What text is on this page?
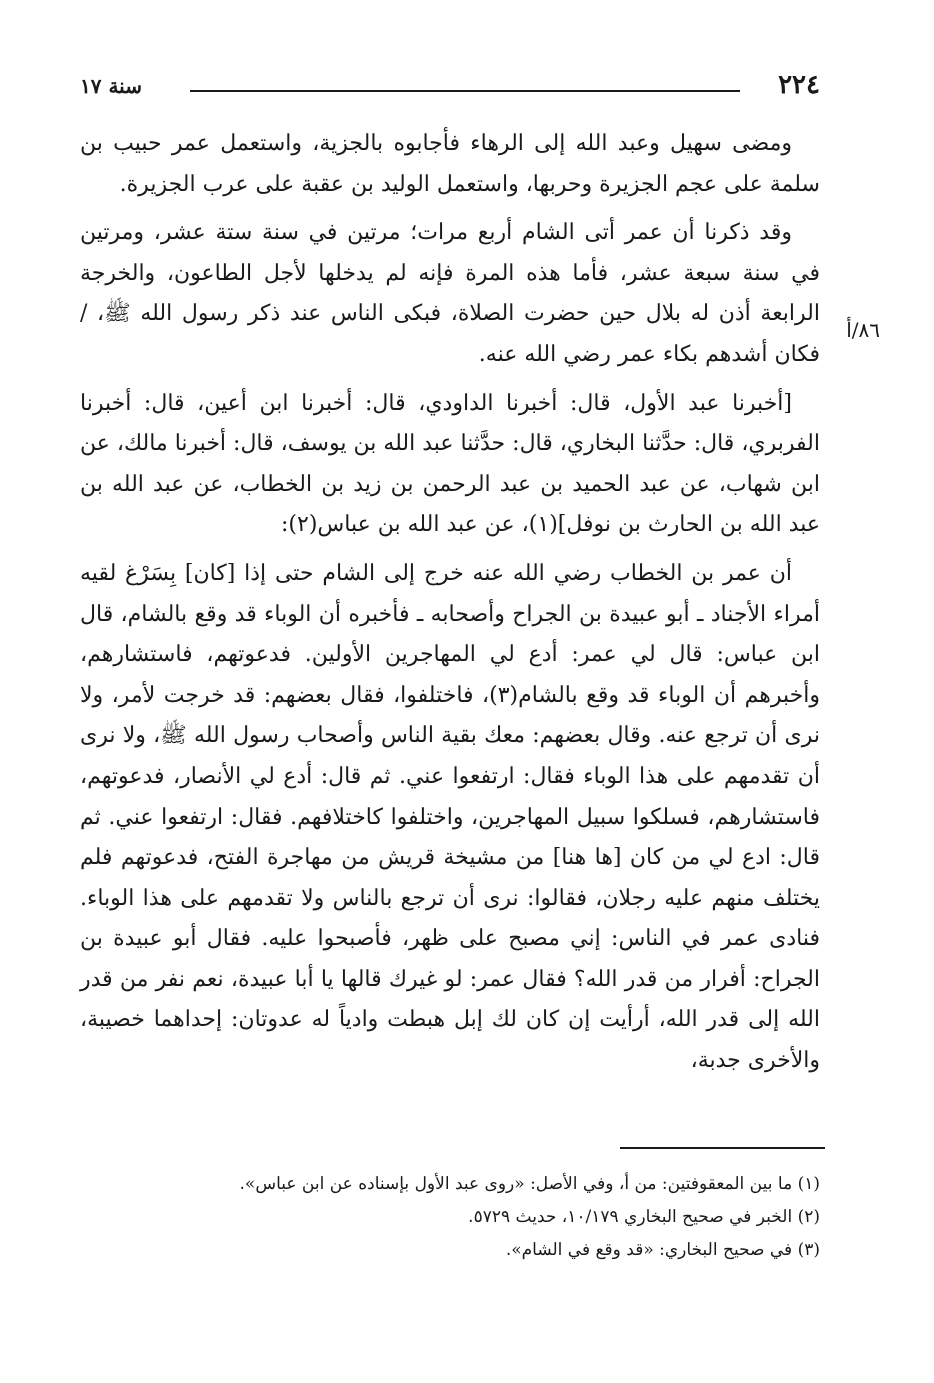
٢٢٤
سنة ١٧
٨٦/أ

ومضى سهيل وعبد الله إلى الرهاء فأجابوه بالجزية، واستعمل عمر حبيب بن سلمة على عجم الجزيرة وحربها، واستعمل الوليد بن عقبة على عرب الجزيرة.

وقد ذكرنا أن عمر أتى الشام أربع مرات؛ مرتين في سنة ستة عشر، ومرتين في سنة سبعة عشر، فأما هذه المرة فإنه لم يدخلها لأجل الطاعون، والخرجة الرابعة أذن له بلال حين حضرت الصلاة، فبكى الناس عند ذكر رسول الله ﷺ، / فكان أشدهم بكاء عمر رضي الله عنه.

[أخبرنا عبد الأول، قال: أخبرنا الداودي، قال: أخبرنا ابن أعين، قال: أخبرنا الفربري، قال: حدَّثنا البخاري، قال: حدَّثنا عبد الله بن يوسف، قال: أخبرنا مالك، عن ابن شهاب، عن عبد الحميد بن عبد الرحمن بن زيد بن الخطاب، عن عبد الله بن عبد الله بن الحارث بن نوفل](١)، عن عبد الله بن عباس(٢):

أن عمر بن الخطاب رضي الله عنه خرج إلى الشام حتى إذا [كان] بِسَرْغ لقيه أمراء الأجناد ـ أبو عبيدة بن الجراح وأصحابه ـ فأخبره أن الوباء قد وقع بالشام، قال ابن عباس: قال لي عمر: أدع لي المهاجرين الأولين. فدعوتهم، فاستشارهم، وأخبرهم أن الوباء قد وقع بالشام(٣)، فاختلفوا، فقال بعضهم: قد خرجت لأمر، ولا نرى أن ترجع عنه. وقال بعضهم: معك بقية الناس وأصحاب رسول الله ﷺ، ولا نرى أن تقدمهم على هذا الوباء فقال: ارتفعوا عني. ثم قال: أدع لي الأنصار، فدعوتهم، فاستشارهم، فسلكوا سبيل المهاجرين، واختلفوا كاختلافهم. فقال: ارتفعوا عني. ثم قال: ادع لي من كان [ها هنا] من مشيخة قريش من مهاجرة الفتح، فدعوتهم فلم يختلف منهم عليه رجلان، فقالوا: نرى أن ترجع بالناس ولا تقدمهم على هذا الوباء. فنادى عمر في الناس: إني مصبح على ظهر، فأصبحوا عليه. فقال أبو عبيدة بن الجراح: أفرار من قدر الله؟ فقال عمر: لو غيرك قالها يا أبا عبيدة، نعم نفر من قدر الله إلى قدر الله، أرأيت إن كان لك إبل هبطت وادياً له عدوتان: إحداهما خصيبة، والأخرى جدبة،

(١) ما بين المعقوفتين: من أ، وفي الأصل: «روى عبد الأول بإسناده عن ابن عباس».
(٢) الخبر في صحيح البخاري ١٠/١٧٩، حديث ٥٧٢٩.
(٣) في صحيح البخاري: «قد وقع في الشام».
